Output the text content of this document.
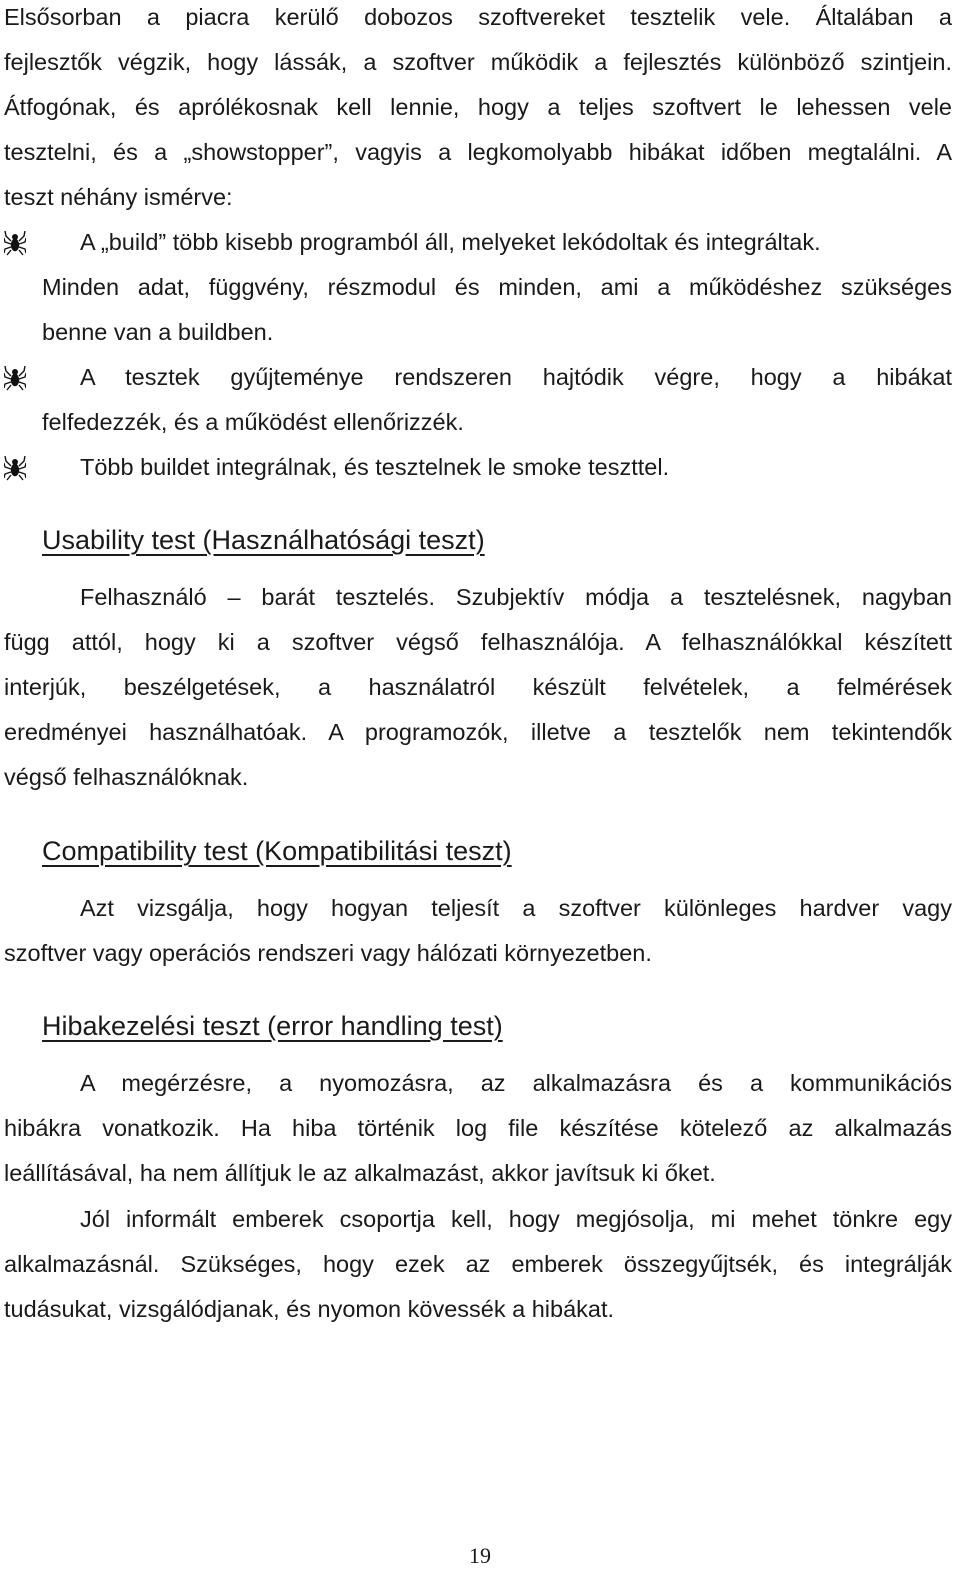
Elsősorban a piacra kerülő dobozos szoftvereket tesztelik vele. Általában a
fejlesztők végzik, hogy lássák, a szoftver működik a fejlesztés különböző szintjein.
Átfogónak, és aprólékosnak kell lennie, hogy a teljes szoftvert le lehessen vele
tesztelni, és a „showstopper”, vagyis a legkomolyabb hibákat időben megtalálni. A
teszt néhány ismérve:
A „build” több kisebb programból áll, melyeket lekódoltak és integráltak.
Minden adat, függvény, részmodul és minden, ami a működéshez szükséges
benne van a buildben.
A tesztek gyűjteménye rendszeren hajtódik végre, hogy a hibákat
felfedezzék, és a működést ellenőrizzék.
Több buildet integrálnak, és tesztelnek le smoke teszttel.
Usability test (Használhatósági teszt)
Felhasználó – barát tesztelés. Szubjektív módja a tesztelésnek, nagyban
függ attól, hogy ki a szoftver végső felhasználója. A felhasználókkal készített
interjúk, beszélgetések, a használatról készült felvételek, a felmérések
eredményei használhatóak. A programozók, illetve a tesztelők nem tekintendők
végső felhasználóknak.
Compatibility test (Kompatibilitási teszt)
Azt vizsgálja, hogy hogyan teljesít a szoftver különleges hardver vagy
szoftver vagy operációs rendszeri vagy hálózati környezetben.
Hibakezelési teszt (error handling test)
A megérzésre, a nyomozásra, az alkalmazásra és a kommunikációs
hibákra vonatkozik. Ha hiba történik log file készítése kötelező az alkalmazás
leállításával, ha nem állítjuk le az alkalmazást, akkor javítsuk ki őket.
Jól informált emberek csoportja kell, hogy megjósolja, mi mehet tönkre egy
alkalmazásnál. Szükséges, hogy ezek az emberek összegyűjtsék, és integrálják
tudásukat, vizsgálódjanak, és nyomon kövessék a hibákat.
19
